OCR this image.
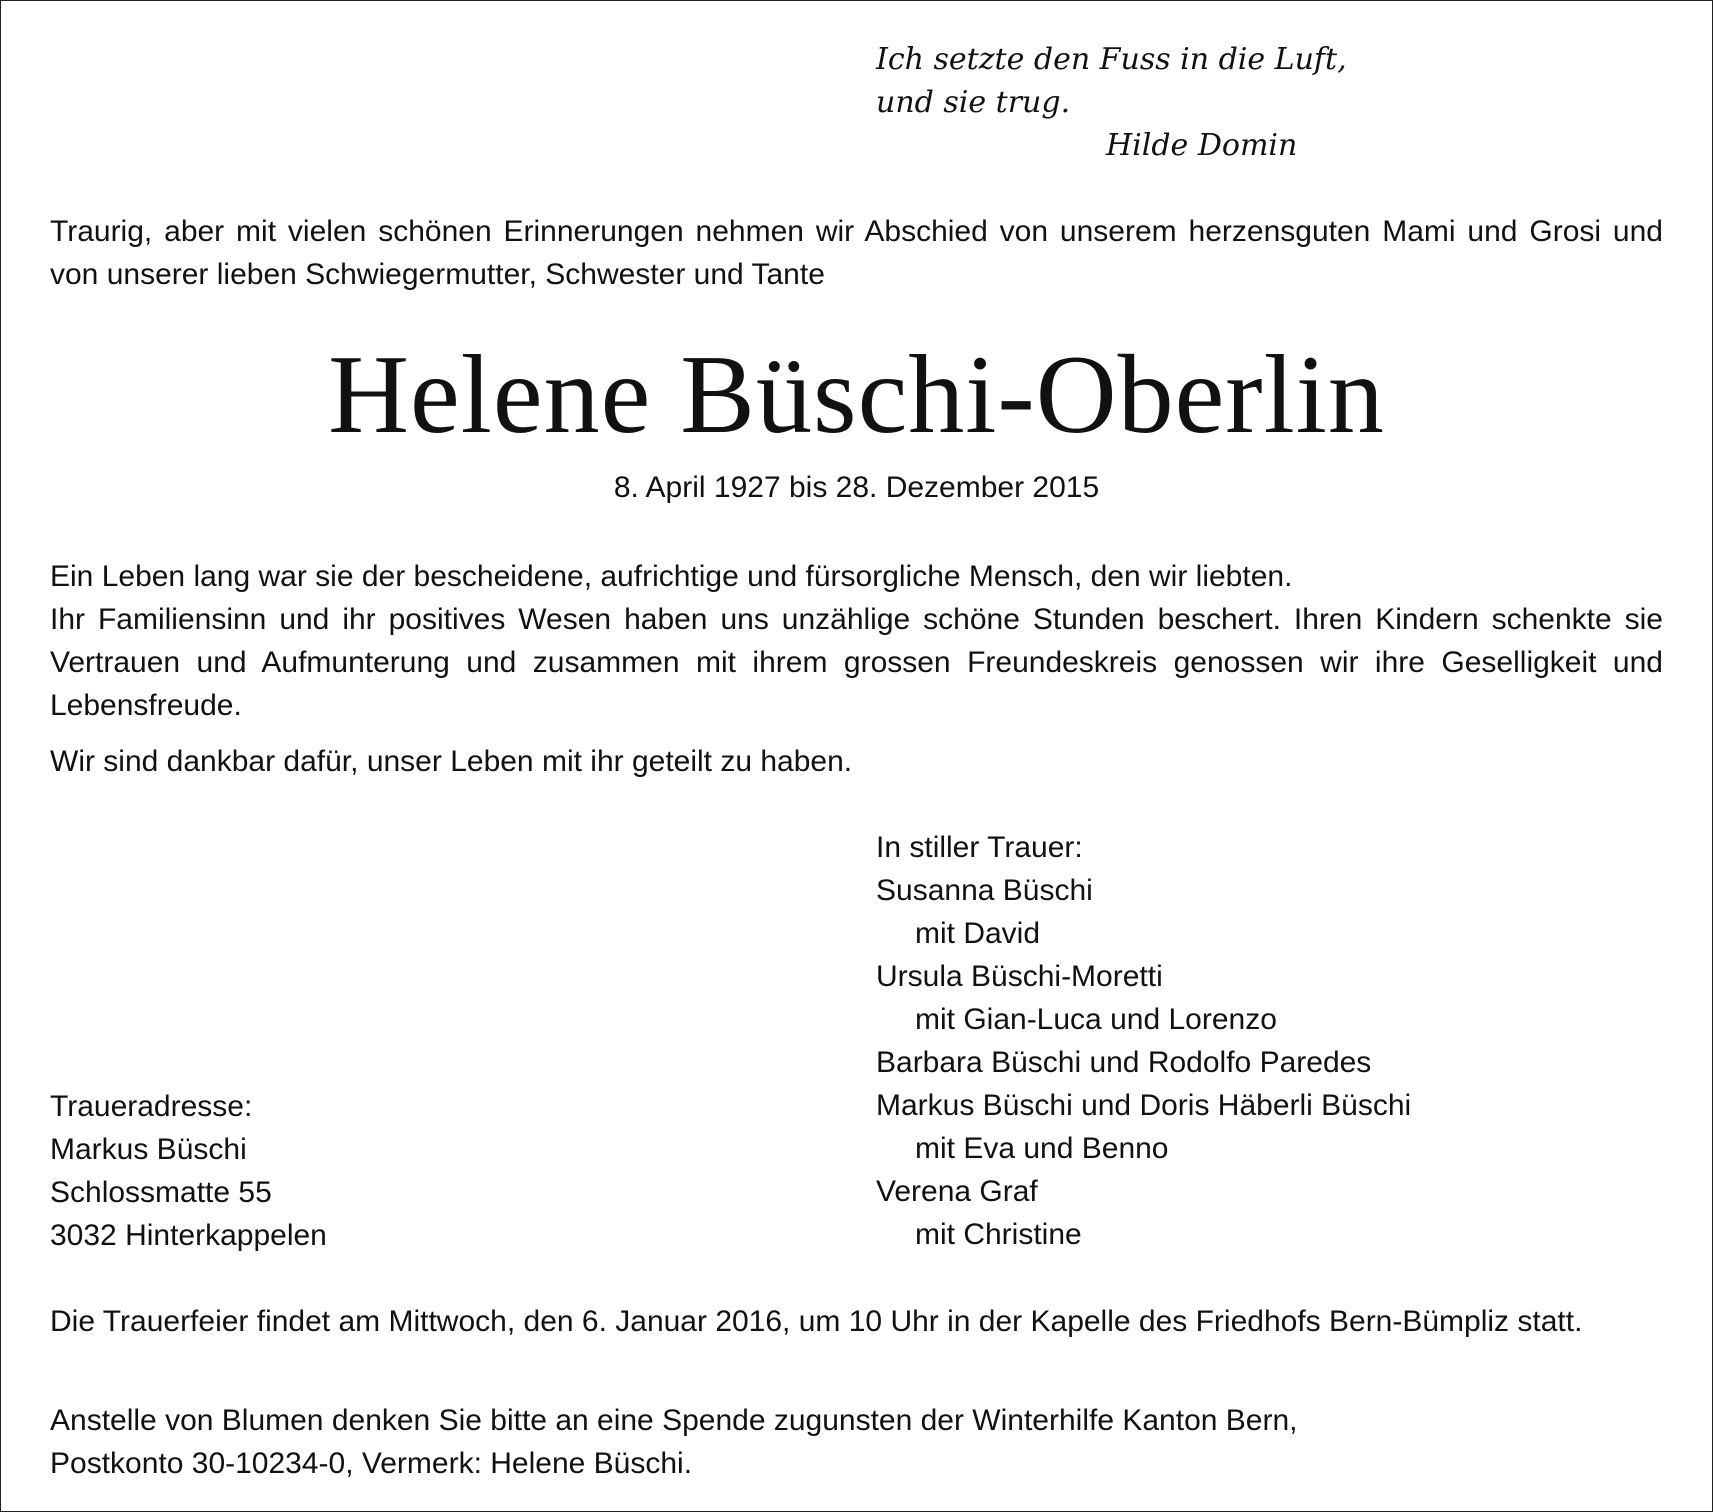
Ich setzte den Fuss in die Luft,
und sie trug.
Hilde Domin
Traurig, aber mit vielen schönen Erinnerungen nehmen wir Abschied von unserem herzensguten Mami und Grosi und von unserer lieben Schwiegermutter, Schwester und Tante
Helene Büschi-Oberlin
8. April 1927 bis 28. Dezember 2015
Ein Leben lang war sie der bescheidene, aufrichtige und fürsorgliche Mensch, den wir liebten.
Ihr Familiensinn und ihr positives Wesen haben uns unzählige schöne Stunden beschert. Ihren Kindern schenkte sie Vertrauen und Aufmunterung und zusammen mit ihrem grossen Freundeskreis genossen wir ihre Geselligkeit und Lebensfreude.
Wir sind dankbar dafür, unser Leben mit ihr geteilt zu haben.
In stiller Trauer:
Susanna Büschi
mit David
Ursula Büschi-Moretti
mit Gian-Luca und Lorenzo
Barbara Büschi und Rodolfo Paredes
Markus Büschi und Doris Häberli Büschi
mit Eva und Benno
Verena Graf
mit Christine
Traueradresse:
Markus Büschi
Schlossmatte 55
3032 Hinterkappelen
Die Trauerfeier findet am Mittwoch, den 6. Januar 2016, um 10 Uhr in der Kapelle des Friedhofs Bern-Bümpliz statt.
Anstelle von Blumen denken Sie bitte an eine Spende zugunsten der Winterhilfe Kanton Bern,
Postkonto 30-10234-0, Vermerk: Helene Büschi.
